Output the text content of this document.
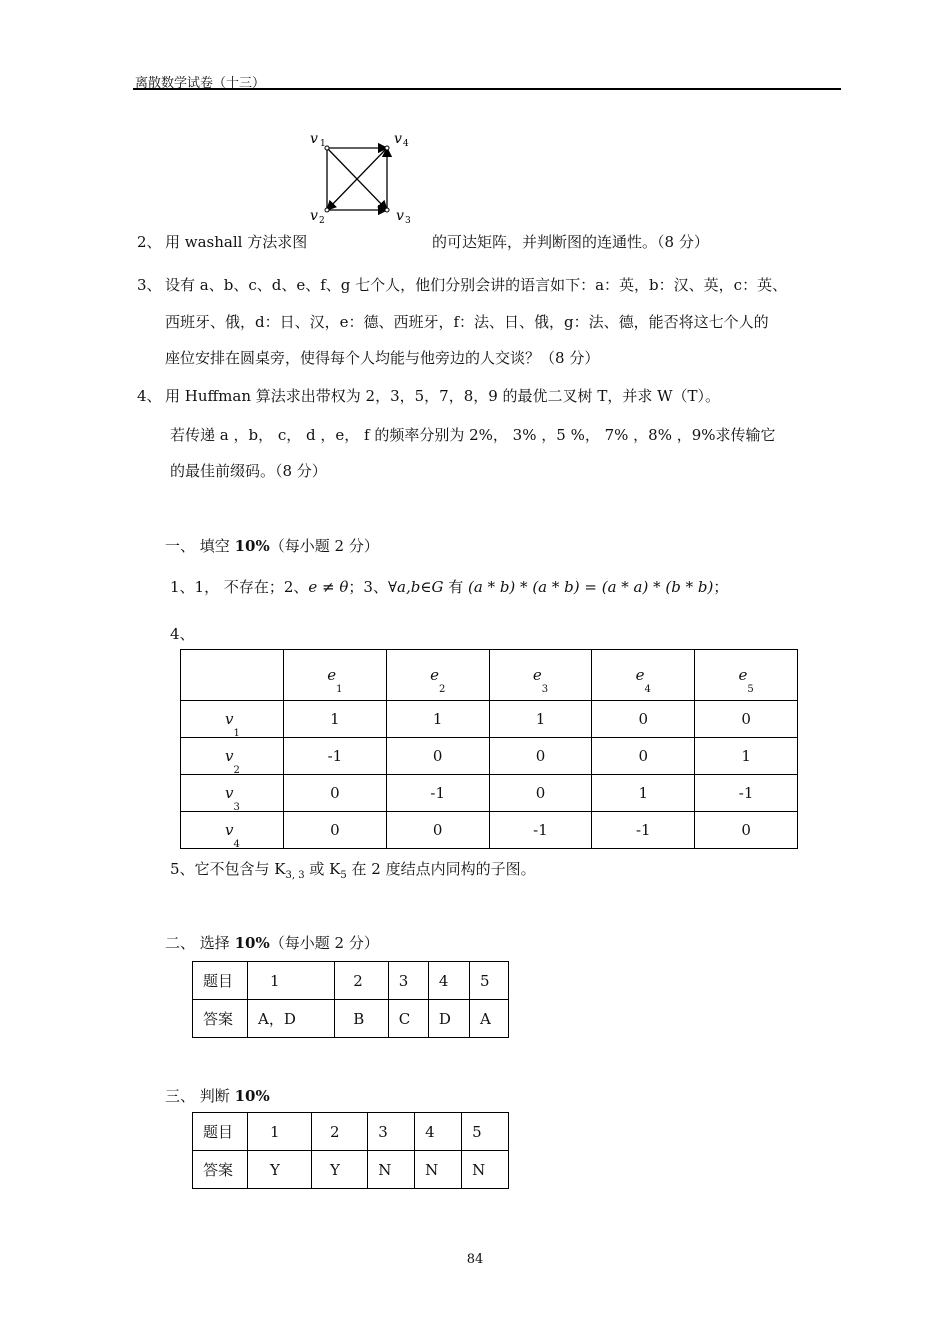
离散数学试卷（十三）
v 1
v 2	v 3
v 4
2、 用 washall 方法求图	的可达矩阵，并判断图的连通性。（8 分）
3、 设有 a、b、c、d、e、f、g 七个人，他们分别会讲的语言如下：a：英，b：汉、英，c：英、
西班牙、俄，d：日、汉，e：德、西班牙，f：法、日、俄，g：法、德，能否将这七个人的
座位安排在圆桌旁，使得每个人均能与他旁边的人交谈？（8 分）
4、 用 Huffman 算法求出带权为 2，3，5，7，8，9 的最优二叉树 T，并求 W（T）。
若传递 a ，b， c， d ，e， f 的频率分别为 2%， 3% ，5 %， 7% ，8% ，9%求传输它
的最佳前缀码。（8 分）
一、 填空 10%（每小题 2 分）
1、1， 不存在；2、e ≠ θ；3、∀a,b∈G 有 (a * b) * (a * b) = (a * a) * (b * b)；
4、
	$e_1$	$e_2$	$e_3$	$e_4$	$e_5$
$v_1$	1	1	1	0	0
$v_2$	-1	0	0	0	1
$v_3$	0	-1	0	1	-1
$v_4$	0	0	-1	-1	0
5、它不包含与 $K_{3, 3}$ 或 $K_5$ 在 2 度结点内同构的子图。
二、 选择 10%（每小题 2 分）
题目	1	2	3	4	5
答案	A，D	B	C	D	A
三、 判断 10%
题目	1	2	3	4	5
答案	Y	Y	N	N	N
84
